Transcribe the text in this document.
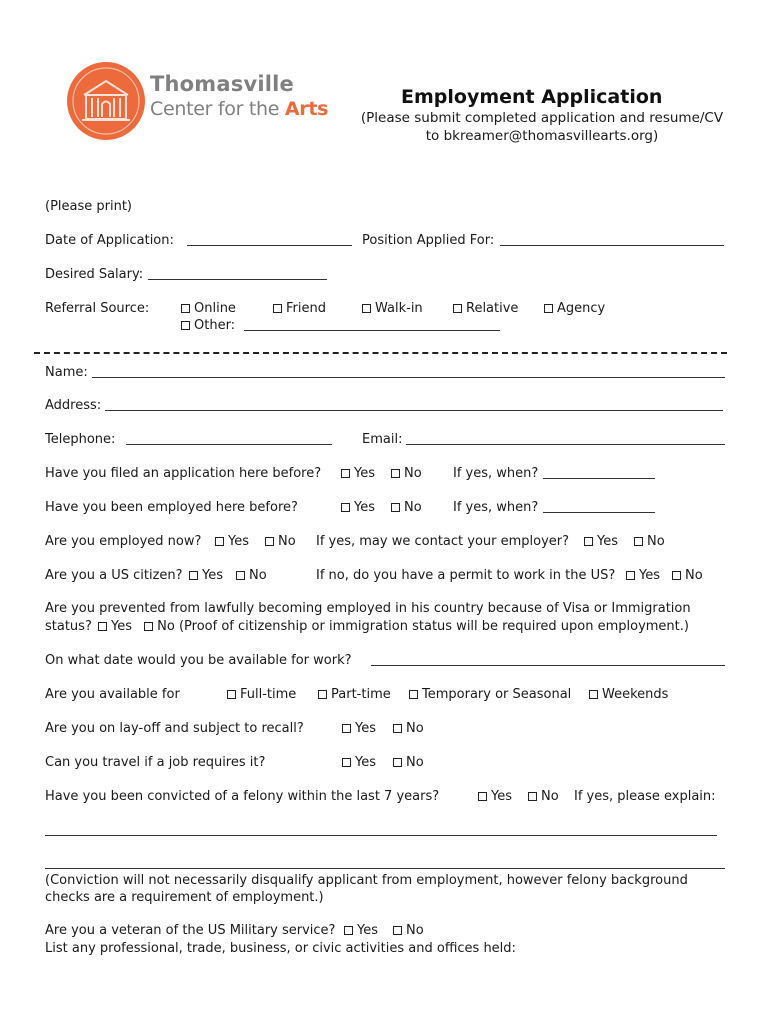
Thomasville
Center for the Arts
Employment Application
(Please submit completed application and resume/CV
to bkreamer@thomasvillearts.org)
(Please print)
Date of Application:	Position Applied For:
Desired Salary:
Referral Source:	Online	Friend	Walk-in	Relative	Agency
Other:
Name:
Address:
Telephone:	Email:
Have you filed an application here before?	Yes	No If yes, when?
Have you been employed here before?	Yes	No If yes, when?
Are you employed now?	Yes	No If yes, may we contact your employer?	Yes	No
Are you a US citizen?	Yes	No	If no, do you have a permit to work in the US?	Yes	No
Are you prevented from lawfully becoming employed in his country because of Visa or Immigration
status? Yes No (Proof of citizenship or immigration status will be required upon employment.)
On what date would you be available for work?
Are you available for	Full-time	Part-time	Temporary or Seasonal	Weekends
Are you on lay-off and subject to recall?	Yes	No
Can you travel if a job requires it?	Yes	No
Have you been convicted of a felony within the last 7 years?	Yes	No If yes, please explain:
(Conviction will not necessarily disqualify applicant from employment, however felony background
checks are a requirement of employment.)
Are you a veteran of the US Military service?	Yes	No
List any professional, trade, business, or civic activities and offices held:
